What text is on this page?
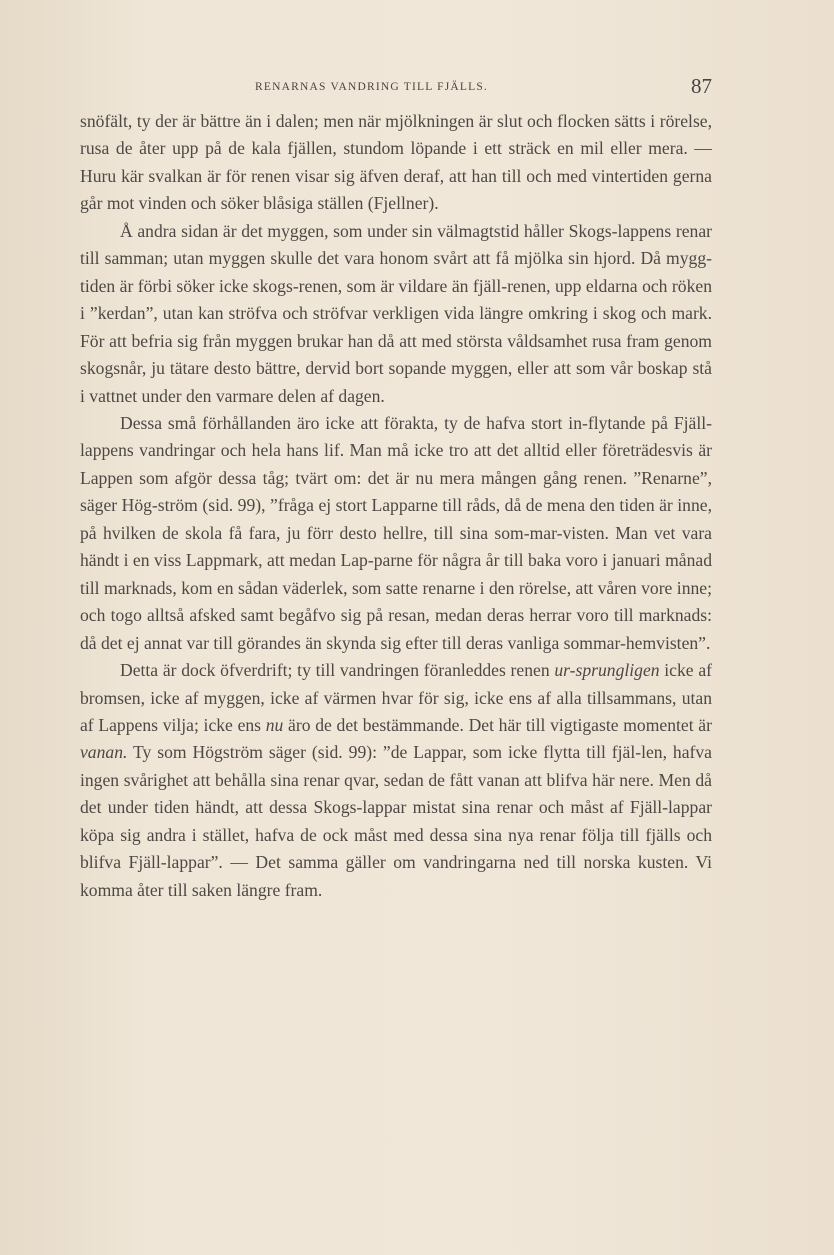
RENARNAS VANDRING TILL FJÄLLS.	87

snöfält, ty der är bättre än i dalen; men när mjölkningen är slut och flocken sätts i rörelse, rusa de åter upp på de kala fjällen, stundom löpande i ett sträck en mil eller mera. — Huru kär svalkan är för renen visar sig äfven deraf, att han till och med vintertiden gerna går mot vinden och söker blåsiga ställen (Fjellner).

Å andra sidan är det myggen, som under sin välmagtstid håller Skogs-lappens renar till samman; utan myggen skulle det vara honom svårt att få mjölka sin hjord. Då mygg-tiden är förbi söker icke skogs-renen, som är vildare än fjäll-renen, upp eldarna och röken i ”kerdan”, utan kan ströfva och ströfvar verkligen vida längre omkring i skog och mark. För att befria sig från myggen brukar han då att med största våldsamhet rusa fram genom skogsnår, ju tätare desto bättre, dervid bort sopande myggen, eller att som vår boskap stå i vattnet under den varmare delen af dagen.

Dessa små förhållanden äro icke att förakta, ty de hafva stort in-flytande på Fjäll-lappens vandringar och hela hans lif. Man må icke tro att det alltid eller företrädesvis är Lappen som afgör dessa tåg; tvärt om: det är nu mera mången gång renen. ”Renarne”, säger Hög-ström (sid. 99), ”fråga ej stort Lapparne till råds, då de mena den tiden är inne, på hvilken de skola få fara, ju förr desto hellre, till sina som-mar-visten. Man vet vara händt i en viss Lappmark, att medan Lap-parne för några år till baka voro i januari månad till marknads, kom en sådan väderlek, som satte renarne i den rörelse, att våren vore inne; och togo alltså afsked samt begåfvo sig på resan, medan deras herrar voro till marknads: då det ej annat var till görandes än skynda sig efter till deras vanliga sommar-hemvisten”.

Detta är dock öfverdrift; ty till vandringen föranleddes renen ur-sprungligen icke af bromsen, icke af myggen, icke af värmen hvar för sig, icke ens af alla tillsammans, utan af Lappens vilja; icke ens nu äro de det bestämmande. Det här till vigtigaste momentet är vanan. Ty som Högström säger (sid. 99): ”de Lappar, som icke flytta till fjäl-len, hafva ingen svårighet att behålla sina renar qvar, sedan de fått vanan att blifva här nere. Men då det under tiden händt, att dessa Skogs-lappar mistat sina renar och måst af Fjäll-lappar köpa sig andra i stället, hafva de ock måst med dessa sina nya renar följa till fjälls och blifva Fjäll-lappar”. — Det samma gäller om vandringarna ned till norska kusten. Vi komma åter till saken längre fram.
